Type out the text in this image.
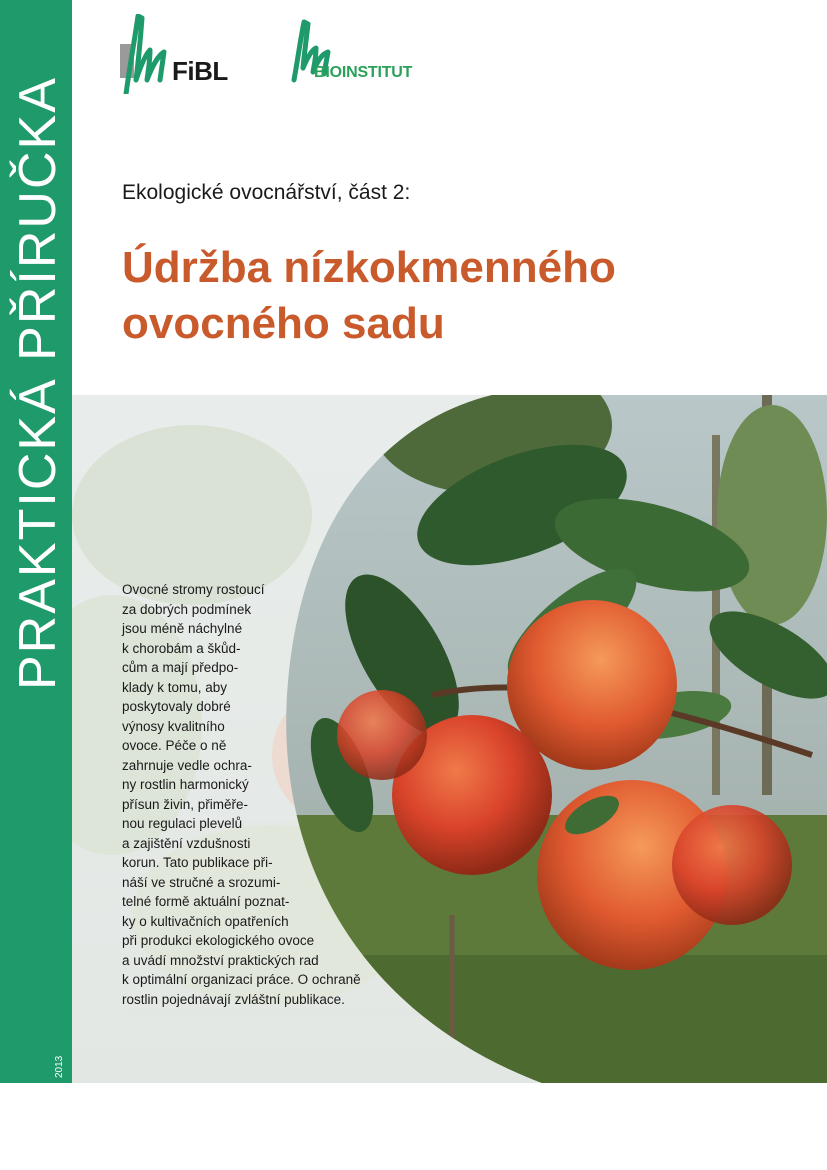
PRAKTICKÁ PŘÍRUČKA
2013
FiBL	BIOINSTITUT
Ekologické ovocnářství, část 2:
Údržba nízkokmenného
ovocného sadu
Ovocné stromy rostoucí
za dobrých podmínek
jsou méně náchylné
k chorobám a škůd-
cům a mají předpo-
klady k tomu, aby
poskytovaly dobré
výnosy kvalitního
ovoce. Péče o ně
zahrnuje vedle ochra-
ny rostlin harmonický
přísun živin, přiměře-
nou regulaci plevelů
a zajištění vzdušnosti
korun. Tato publikace při-
náší ve stručné a srozumi-
telné formě aktuální poznat-
ky o kultivačních opatřeních
při produkci ekologického ovoce
a uvádí množství praktických rad
k optimální organizaci práce. O ochraně
rostlin pojednávají zvláštní publikace.
